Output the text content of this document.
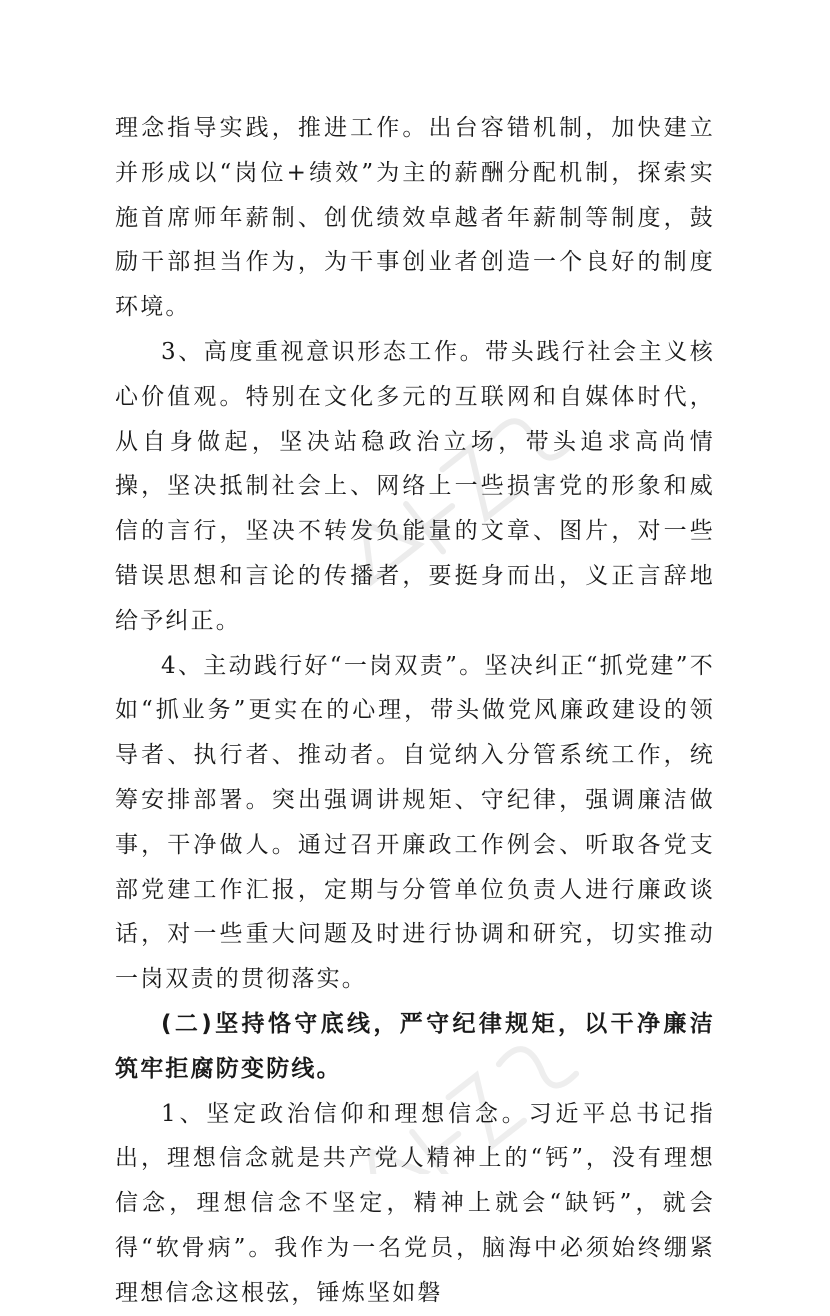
理念指导实践，推进工作。出台容错机制，加快建立并形成以“岗位+绩效”为主的薪酬分配机制，探索实施首席师年薪制、创优绩效卓越者年薪制等制度，鼓励干部担当作为，为干事创业者创造一个良好的制度环境。

3、高度重视意识形态工作。带头践行社会主义核心价值观。特别在文化多元的互联网和自媒体时代，从自身做起，坚决站稳政治立场，带头追求高尚情操，坚决抵制社会上、网络上一些损害党的形象和威信的言行，坚决不转发负能量的文章、图片，对一些错误思想和言论的传播者，要挺身而出，义正言辞地给予纠正。

4、主动践行好“一岗双责”。坚决纠正“抓党建”不如“抓业务”更实在的心理，带头做党风廉政建设的领导者、执行者、推动者。自觉纳入分管系统工作，统筹安排部署。突出强调讲规矩、守纪律，强调廉洁做事，干净做人。通过召开廉政工作例会、听取各党支部党建工作汇报，定期与分管单位负责人进行廉政谈话，对一些重大问题及时进行协调和研究，切实推动一岗双责的贯彻落实。

(二)坚持恪守底线，严守纪律规矩，以干净廉洁筑牢拒腐防变防线。

1、坚定政治信仰和理想信念。习近平总书记指出，理想信念就是共产党人精神上的“钙”，没有理想信念，理想信念不坚定，精神上就会“缺钙”，就会得“软骨病”。我作为一名党员，脑海中必须始终绷紧理想信念这根弦，锤炼坚如磐
